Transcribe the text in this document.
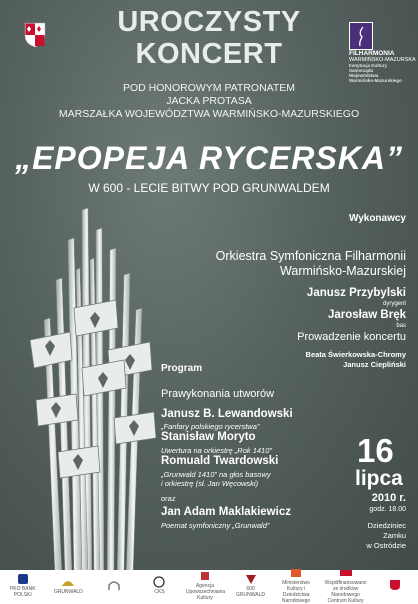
UROCZYSTY
KONCERT	FILHARMONIA
WARMIŃSKO-MAZURSKA
Instytucja Kultury
Samorządu
Województwa
Warmińsko-Mazurskiego
POD HONOROWYM PATRONATEM
JACKA PROTASA
MARSZAŁKA WOJEWÓDZTWA WARMIŃSKO-MAZURSKIEGO
„EPOPEJA RYCERSKA”
W 600 - LECIE BITWY POD GRUNWALDEM
Wykonawcy
Orkiestra Symfoniczna Filharmonii
Warmińsko-Mazurskiej
Janusz Przybylski
dyrygent
Jarosław Bręk
bas
Prowadzenie koncertu
Beata Świerkowska-Chromy
Janusz Ciepliński
Program
Prawykonania utworów
Janusz B. Lewandowski
„Fanfary polskiego rycerstwa”
Stanisław Moryto
Uwertura na orkiestrę „Rok 1410”
Romuald Twardowski
„Grunwald 1410” na głos basowy
i orkiestrę (sł. Jan Węcowski)
oraz
Jan Adam Maklakiewicz
Poemat symfoniczny „Grunwald”
16
lipca
2010 r.
godz. 18.00
Dziedziniec
Zamku
w Ostródzie
PKO BANK POLSKI	GRUNWALD	CKS
Agencja Upowszechniania Kultury
600 GRUNWALD
Ministerstwo Kultury i Dziedzictwa Narodowego
Współfinansowano ze środków Narodowego Centrum Kultury
